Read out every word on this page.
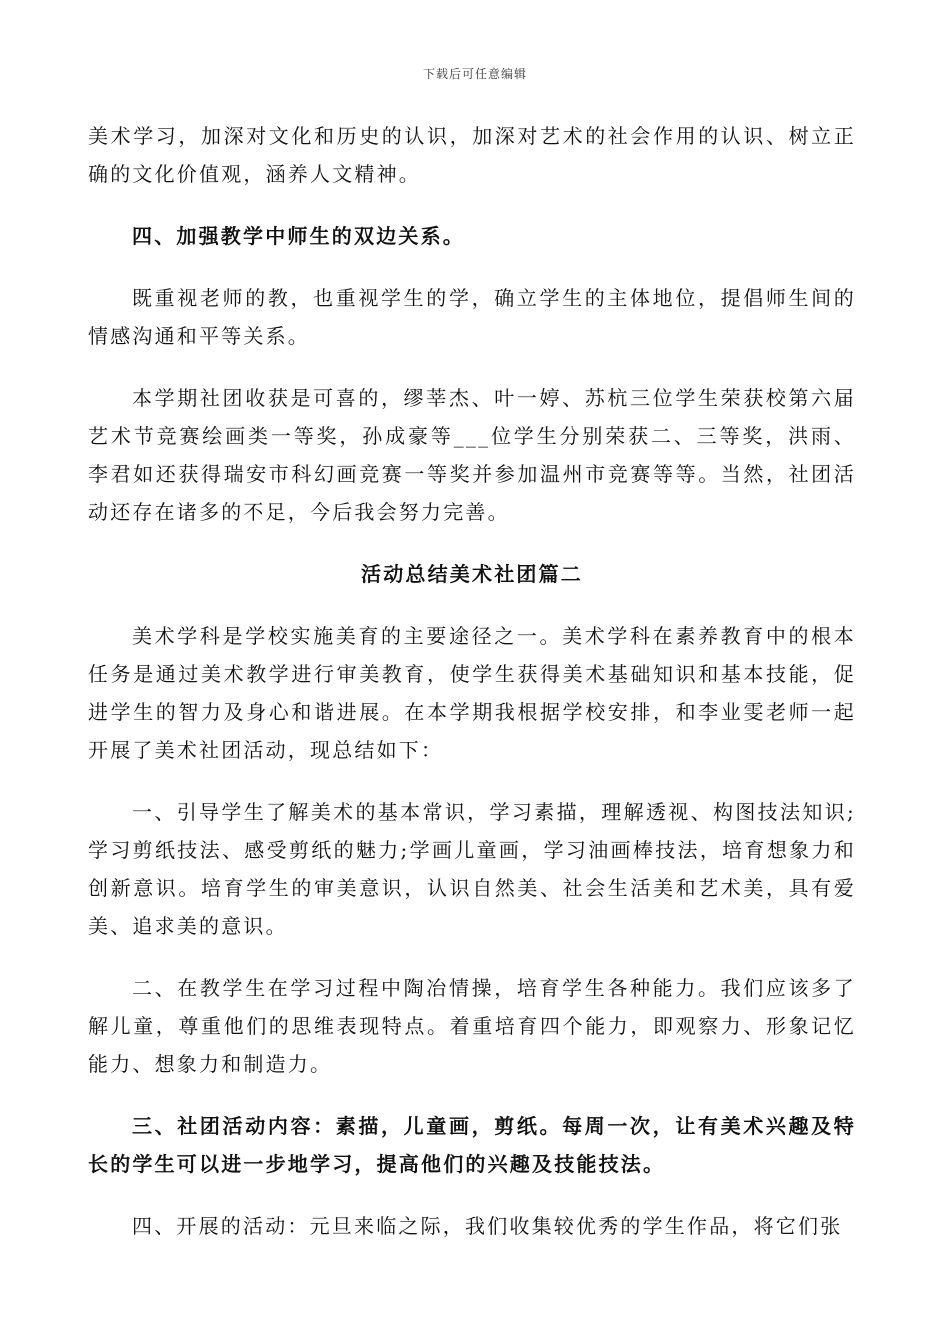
下载后可任意编辑

美术学习，加深对文化和历史的认识，加深对艺术的社会作用的认识、树立正确的文化价值观，涵养人文精神。

四、加强教学中师生的双边关系。

既重视老师的教，也重视学生的学，确立学生的主体地位，提倡师生间的情感沟通和平等关系。

本学期社团收获是可喜的，缪莘杰、叶一婷、苏杭三位学生荣获校第六届艺术节竞赛绘画类一等奖，孙成豪等___位学生分别荣获二、三等奖，洪雨、李君如还获得瑞安市科幻画竞赛一等奖并参加温州市竞赛等等。当然，社团活动还存在诸多的不足，今后我会努力完善。

活动总结美术社团篇二

美术学科是学校实施美育的主要途径之一。美术学科在素养教育中的根本任务是通过美术教学进行审美教育，使学生获得美术基础知识和基本技能，促进学生的智力及身心和谐进展。在本学期我根据学校安排，和李业雯老师一起开展了美术社团活动，现总结如下：

一、引导学生了解美术的基本常识，学习素描，理解透视、构图技法知识;学习剪纸技法、感受剪纸的魅力;学画儿童画，学习油画棒技法，培育想象力和创新意识。培育学生的审美意识，认识自然美、社会生活美和艺术美，具有爱美、追求美的意识。

二、在教学生在学习过程中陶冶情操，培育学生各种能力。我们应该多了解儿童，尊重他们的思维表现特点。着重培育四个能力，即观察力、形象记忆能力、想象力和制造力。

三、社团活动内容：素描，儿童画，剪纸。每周一次，让有美术兴趣及特长的学生可以进一步地学习，提高他们的兴趣及技能技法。

四、开展的活动：元旦来临之际，我们收集较优秀的学生作品，将它们张
